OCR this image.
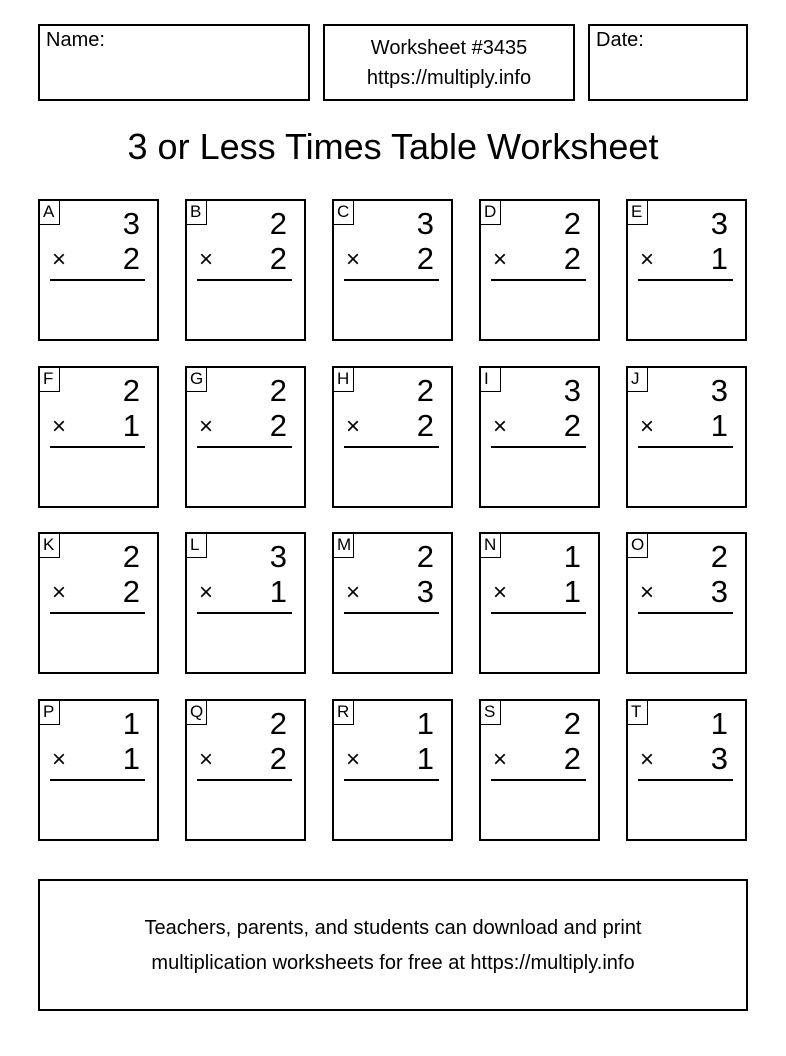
Name:	Worksheet #3435
https://multiply.info
Date:
3 or Less Times Table Worksheet
A 3
× 2
B 2
× 2
C 3
× 2
D 2
× 2
E 3
× 1
F 2
× 1
G 2
× 2
H 2
× 2
I	3
× 2
J 3
× 1
K 2
× 2
L 3
× 1
M 2
× 3
N 1
× 1
O 2
× 3
P 1
× 1
Q 2
× 2
R 1
× 1
S 2
× 2
T 1
× 3
Teachers, parents, and students can download and print
multiplication worksheets for free at https://multiply.info
